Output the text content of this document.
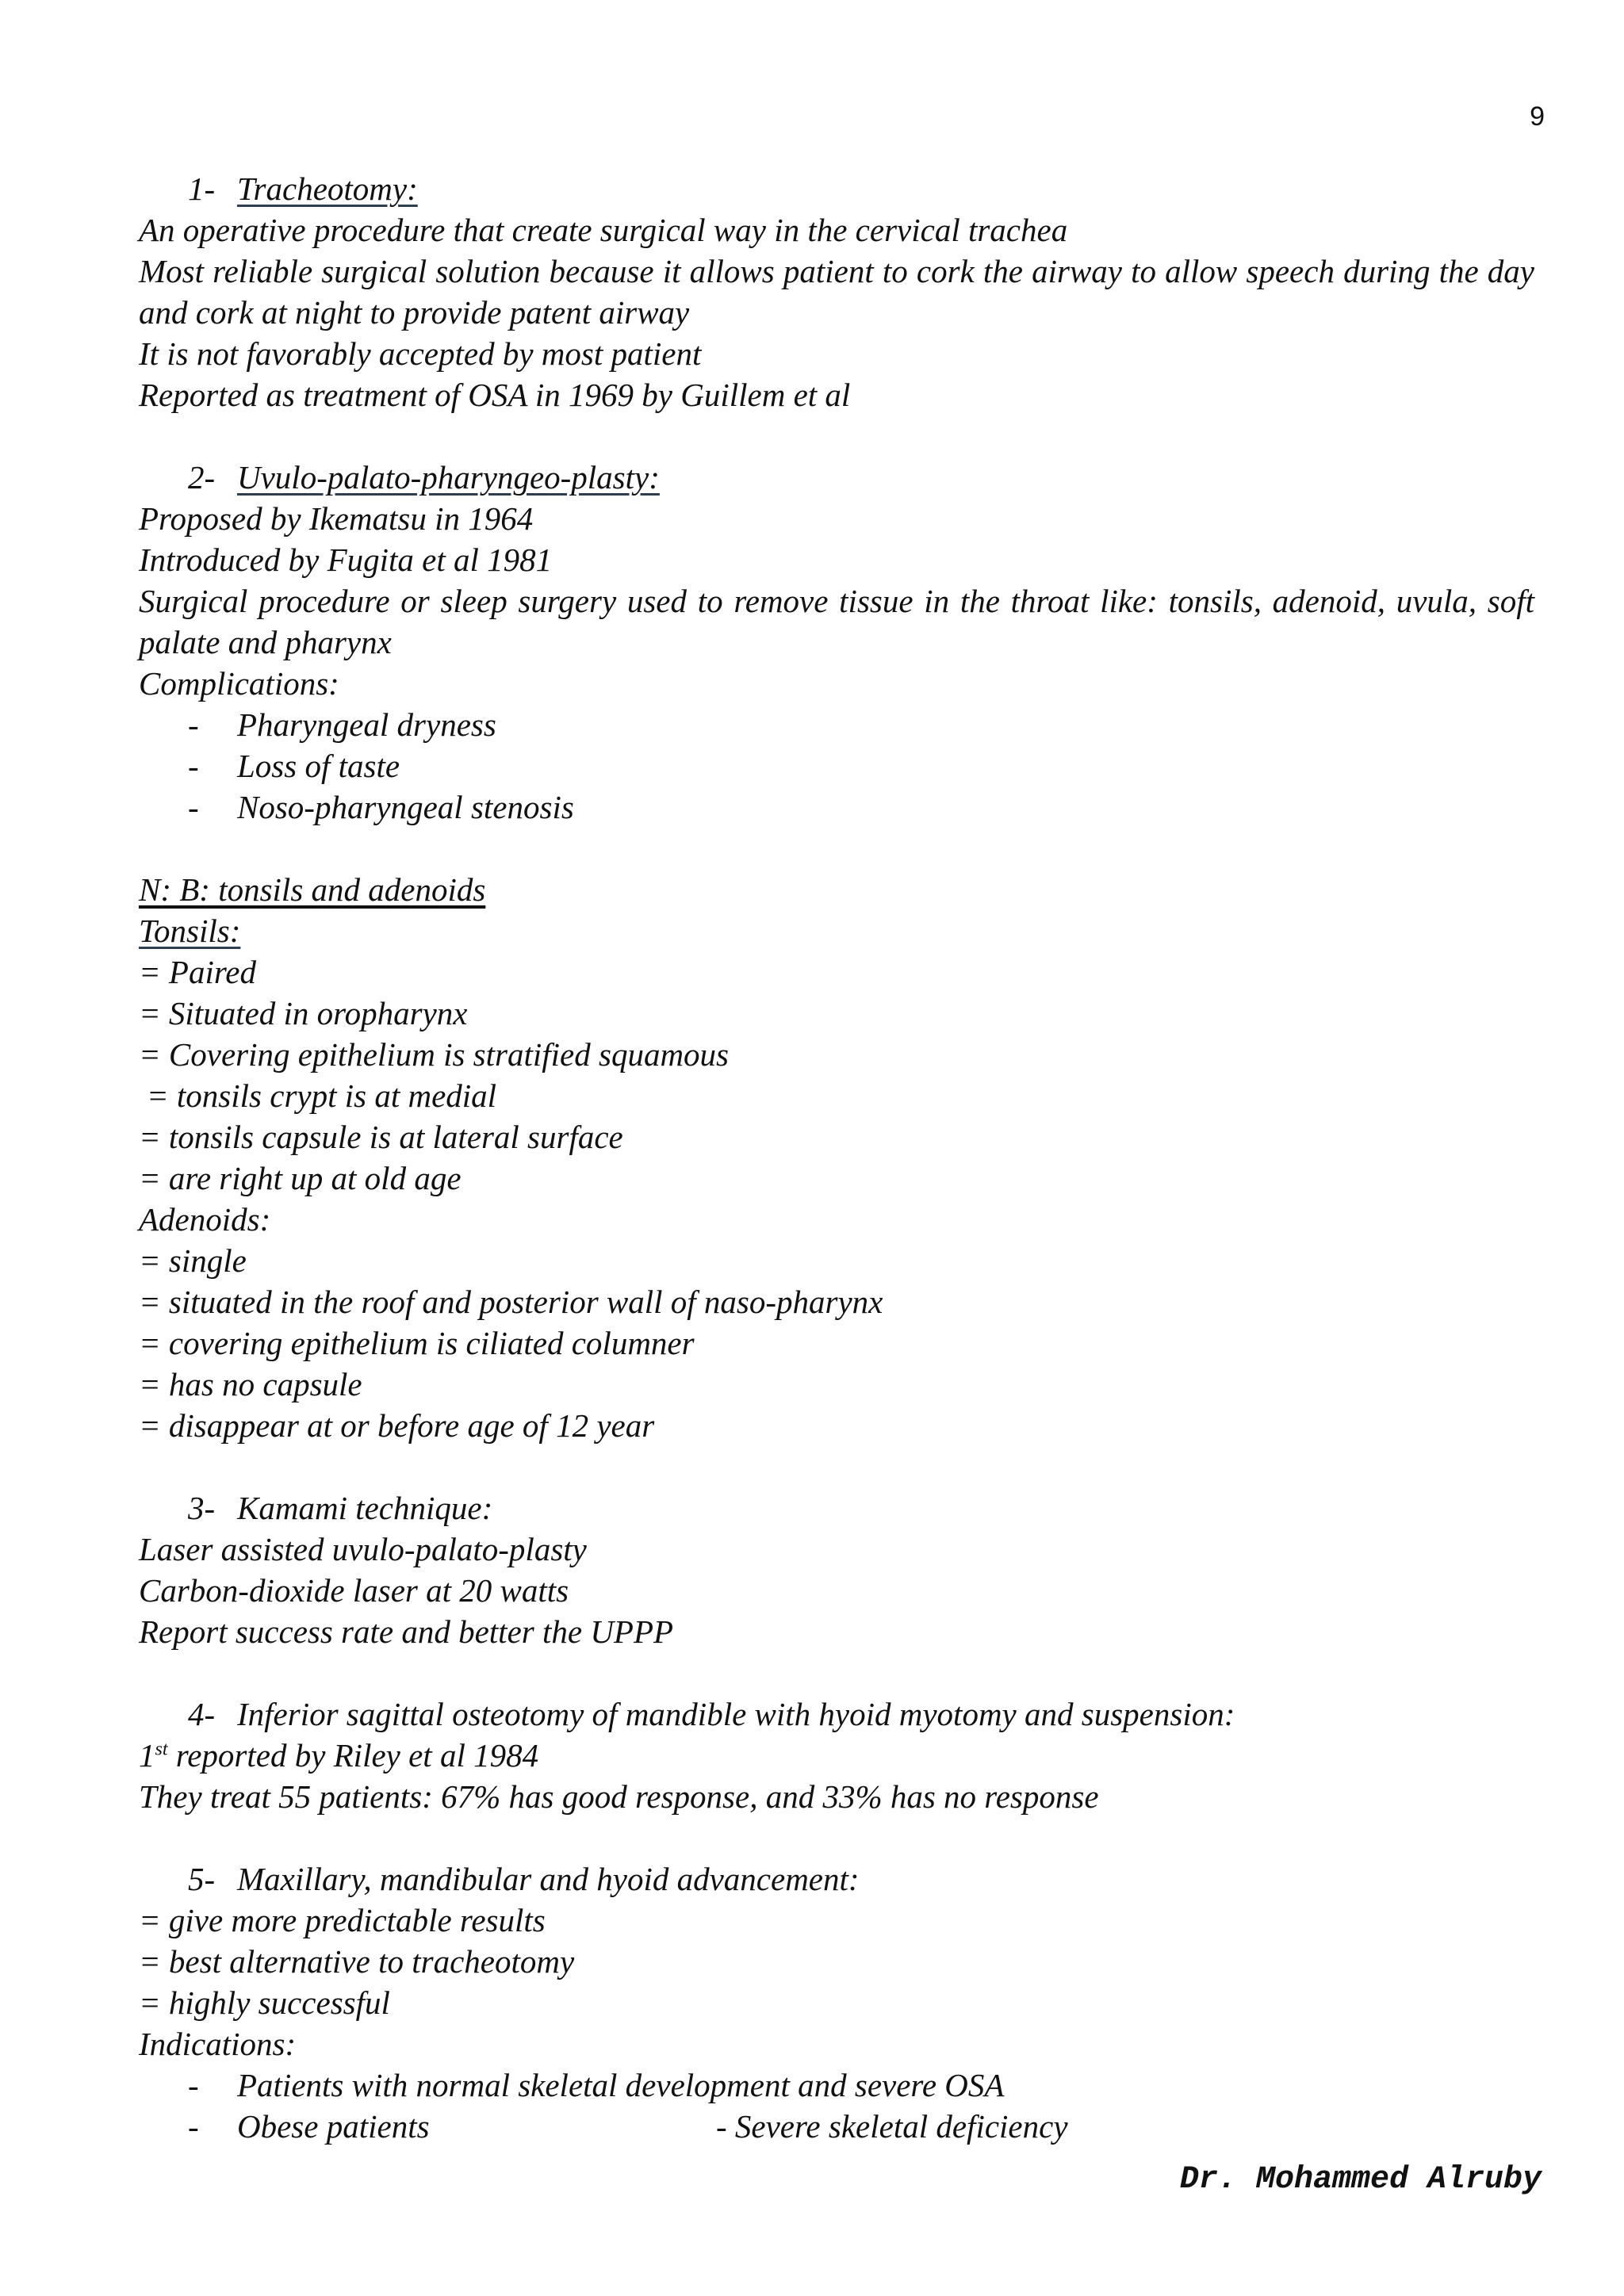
9
1- Tracheotomy:
An operative procedure that create surgical way in the cervical trachea
Most reliable surgical solution because it allows patient to cork the airway to allow speech during the day and cork at night to provide patent airway
It is not favorably accepted by most patient
Reported as treatment of OSA in 1969 by Guillem et al
2- Uvulo-palato-pharyngeo-plasty:
Proposed by Ikematsu in 1964
Introduced by Fugita et al 1981
Surgical procedure or sleep surgery used to remove tissue in the throat like: tonsils, adenoid, uvula, soft palate and pharynx
Complications:
- Pharyngeal dryness
- Loss of taste
- Noso-pharyngeal stenosis
N: B: tonsils and adenoids
Tonsils:
= Paired
= Situated in oropharynx
= Covering epithelium is stratified squamous
= tonsils crypt is at medial
= tonsils capsule is at lateral surface
= are right up at old age
Adenoids:
= single
= situated in the roof and posterior wall of naso-pharynx
= covering epithelium is ciliated columner
= has no capsule
= disappear at or before age of 12 year
3- Kamami technique:
Laser assisted uvulo-palato-plasty
Carbon-dioxide laser at 20 watts
Report success rate and better the UPPP
4- Inferior sagittal osteotomy of mandible with hyoid myotomy and suspension:
1st reported by Riley et al 1984
They treat 55 patients: 67% has good response, and 33% has no response
5- Maxillary, mandibular and hyoid advancement:
= give more predictable results
= best alternative to tracheotomy
= highly successful
Indications:
- Patients with normal skeletal development and severe OSA
- Obese patients	- Severe skeletal deficiency
Dr. Mohammed Alruby
